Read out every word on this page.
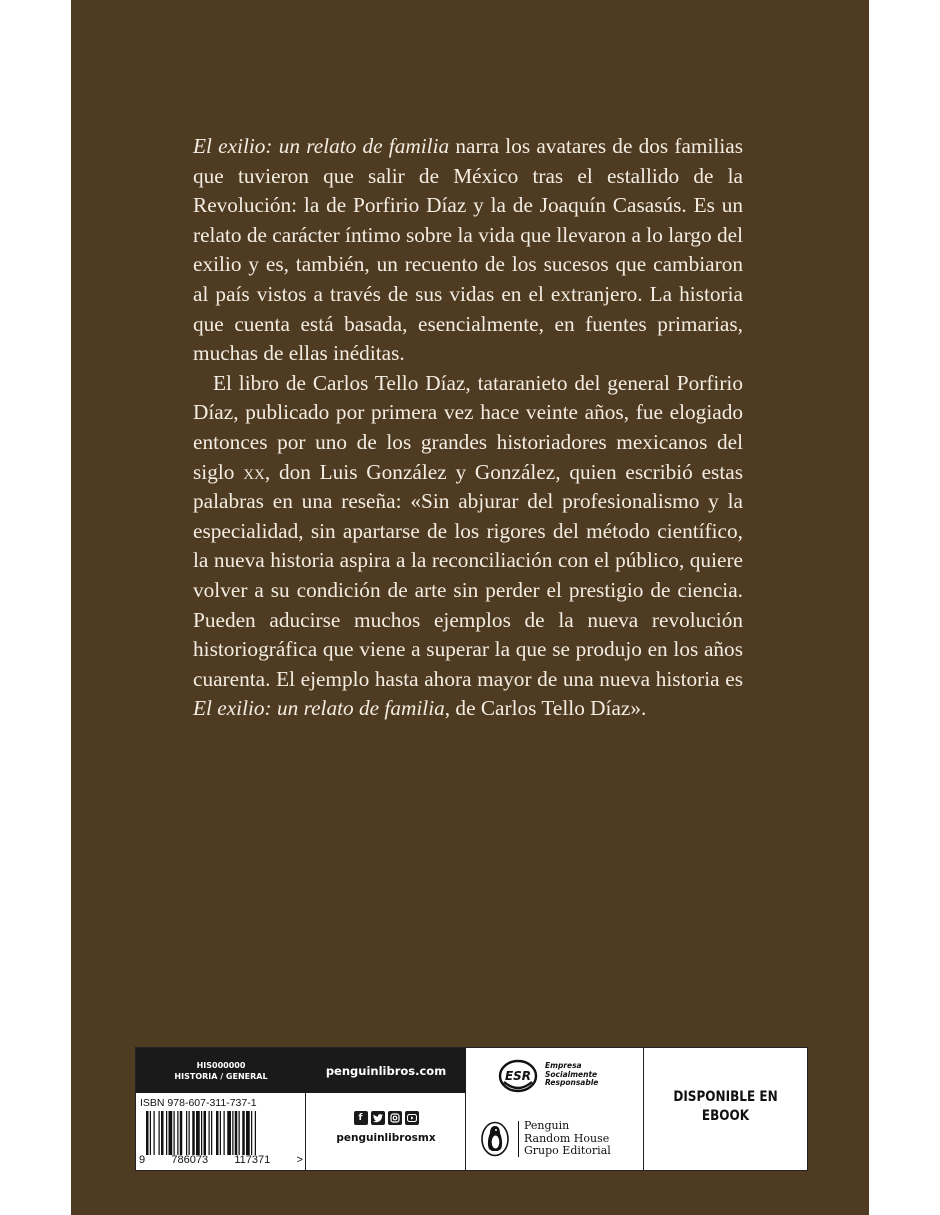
El exilio: un relato de familia narra los avatares de dos familias que tuvieron que salir de México tras el estallido de la Revolución: la de Porfirio Díaz y la de Joaquín Casasús. Es un relato de carácter íntimo sobre la vida que llevaron a lo largo del exilio y es, también, un recuento de los sucesos que cambiaron al país vistos a través de sus vidas en el extranjero. La historia que cuenta está basada, esencialmente, en fuentes primarias, muchas de ellas inéditas.

El libro de Carlos Tello Díaz, tataranieto del general Porfirio Díaz, publicado por primera vez hace veinte años, fue elogiado entonces por uno de los grandes historiadores mexicanos del siglo xx, don Luis González y González, quien escribió estas palabras en una reseña: «Sin abjurar del profesionalismo y la especialidad, sin apartarse de los rigores del método científico, la nueva historia aspira a la reconciliación con el público, quiere volver a su condición de arte sin perder el prestigio de ciencia. Pueden aducirse muchos ejemplos de la nueva revolución historiográfica que viene a superar la que se produjo en los años cuarenta. El ejemplo hasta ahora mayor de una nueva historia es El exilio: un relato de familia, de Carlos Tello Díaz».

HIS000000
HISTORIA / GENERAL
ISBN 978-607-311-737-1
9 786073 117371 >
penguinlibros.com
f
penguinlibrosmx
ESR
Empresa
Socialmente
Responsable
Penguin
Random House
Grupo Editorial
DISPONIBLE EN
EBOOK
